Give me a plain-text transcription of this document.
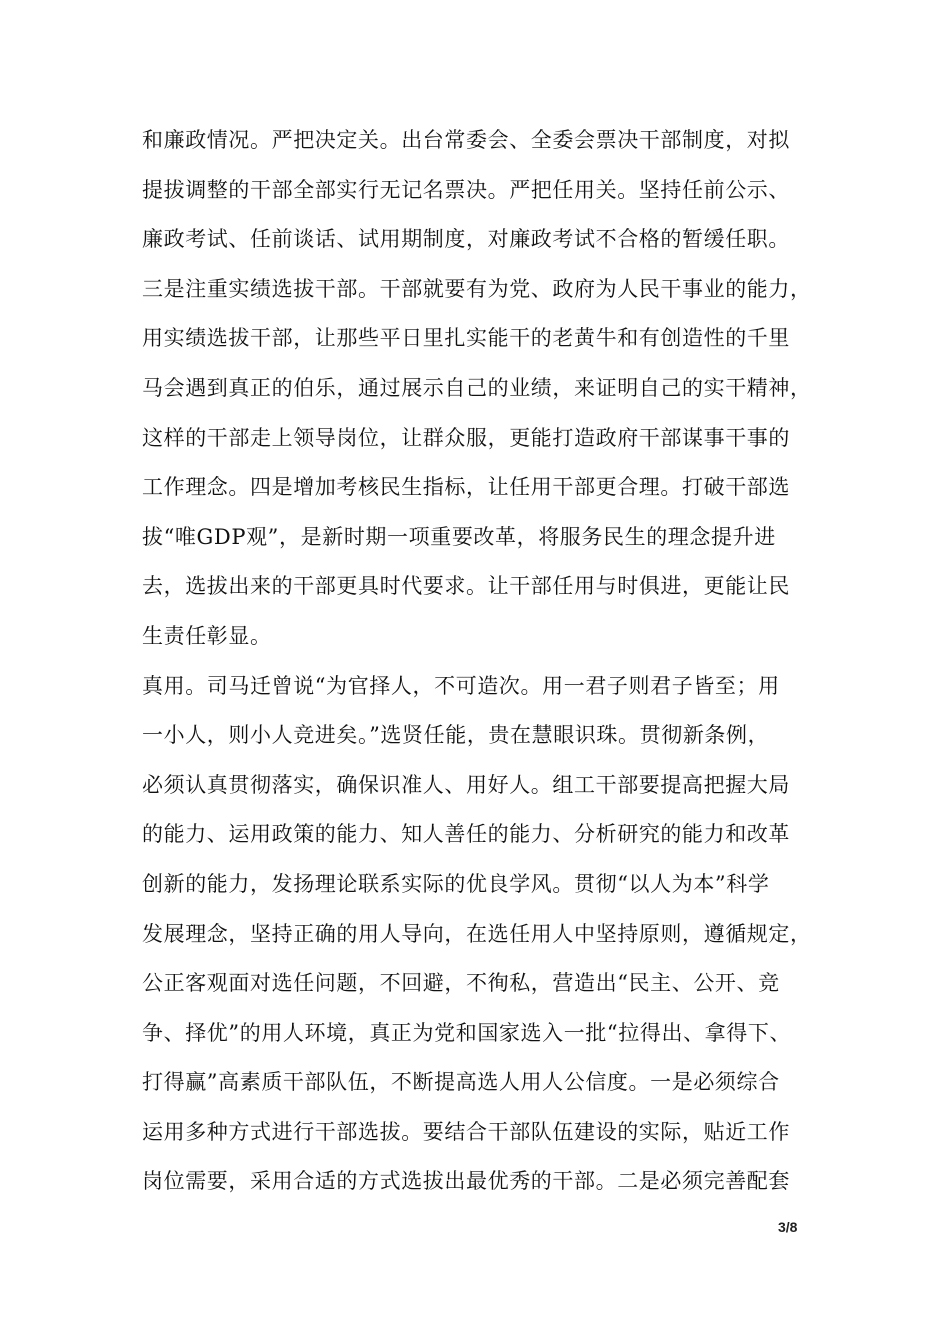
和廉政情况。严把决定关。出台常委会、全委会票决干部制度，对拟
提拔调整的干部全部实行无记名票决。严把任用关。坚持任前公示、
廉政考试、任前谈话、试用期制度，对廉政考试不合格的暂缓任职。
三是注重实绩选拔干部。干部就要有为党、政府为人民干事业的能力，
用实绩选拔干部，让那些平日里扎实能干的老黄牛和有创造性的千里
马会遇到真正的伯乐，通过展示自己的业绩，来证明自己的实干精神，
这样的干部走上领导岗位，让群众服，更能打造政府干部谋事干事的
工作理念。四是增加考核民生指标，让任用干部更合理。打破干部选
拔“唯GDP观”，是新时期一项重要改革，将服务民生的理念提升进
去，选拔出来的干部更具时代要求。让干部任用与时俱进，更能让民
生责任彰显。
真用。司马迁曾说“为官择人，不可造次。用一君子则君子皆至；用
一小人，则小人竞进矣。”选贤任能，贵在慧眼识珠。贯彻新条例，
必须认真贯彻落实，确保识准人、用好人。组工干部要提高把握大局
的能力、运用政策的能力、知人善任的能力、分析研究的能力和改革
创新的能力，发扬理论联系实际的优良学风。贯彻“以人为本”科学
发展理念，坚持正确的用人导向，在选任用人中坚持原则，遵循规定，
公正客观面对选任问题，不回避，不徇私，营造出“民主、公开、竞
争、择优”的用人环境，真正为党和国家选入一批“拉得出、拿得下、
打得赢”高素质干部队伍，不断提高选人用人公信度。一是必须综合
运用多种方式进行干部选拔。要结合干部队伍建设的实际，贴近工作
岗位需要，采用合适的方式选拔出最优秀的干部。二是必须完善配套
3/8
